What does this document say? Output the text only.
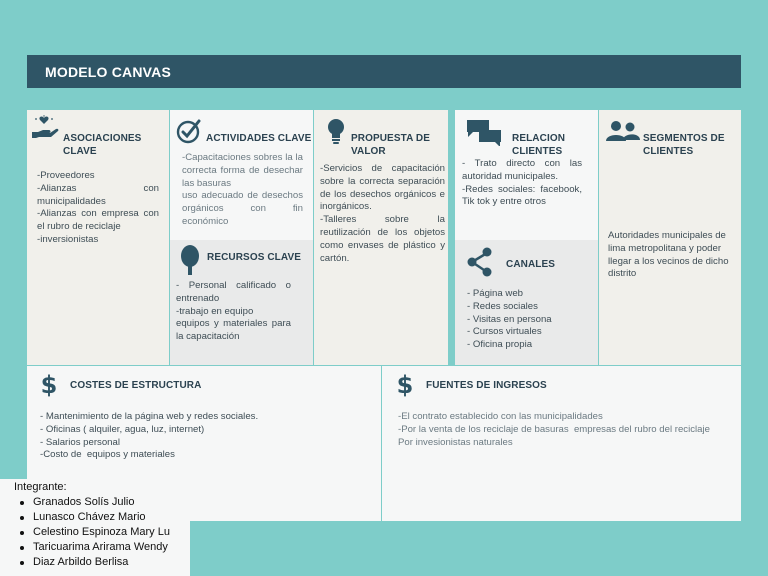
MODELO CANVAS
ASOCIACIONES CLAVE
-Proveedores
-Alianzas con municipalidades
-Alianzas con empresa con el rubro de reciclaje
-inversionistas
ACTIVIDADES CLAVE
-Capacitaciones sobres la la correcta forma de desechar las basuras
uso adecuado de desechos orgánicos con fin económico
RECURSOS CLAVE
- Personal calificado o entrenado
-trabajo en equipo
equipos y materiales para la capacitación
PROPUESTA DE
VALOR
-Servicios de capacitación sobre la correcta separación de los desechos orgánicos e inorgánicos.
-Talleres sobre la reutilización de los objetos como envases de plástico y cartón.
RELACION
CLIENTES
- Trato directo con las autoridad municipales.
-Redes sociales: facebook, Tik tok y entre otros
CANALES
- Página web
- Redes sociales
- Visitas en persona
- Cursos virtuales
- Oficina propia
SEGMENTOS DE
CLIENTES
Autoridades municipales de lima metropolitana y poder llegar a los vecinos de dicho distrito
$ COSTES DE ESTRUCTURA
- Mantenimiento de la página web y redes sociales.
- Oficinas ( alquiler, agua, luz, internet)
- Salarios personal
-Costo de  equipos y materiales
$ FUENTES DE INGRESOS
-El contrato establecido con las municipalidades
-Por la venta de los reciclaje de basuras  empresas del rubro del reciclaje
Por invesionistas naturales
Integrante:
Granados Solís Julio
Lunasco Chávez Mario
Celestino Espinoza Mary Lu
Taricuarima Arirama Wendy
Diaz Arbildo Berlisa
